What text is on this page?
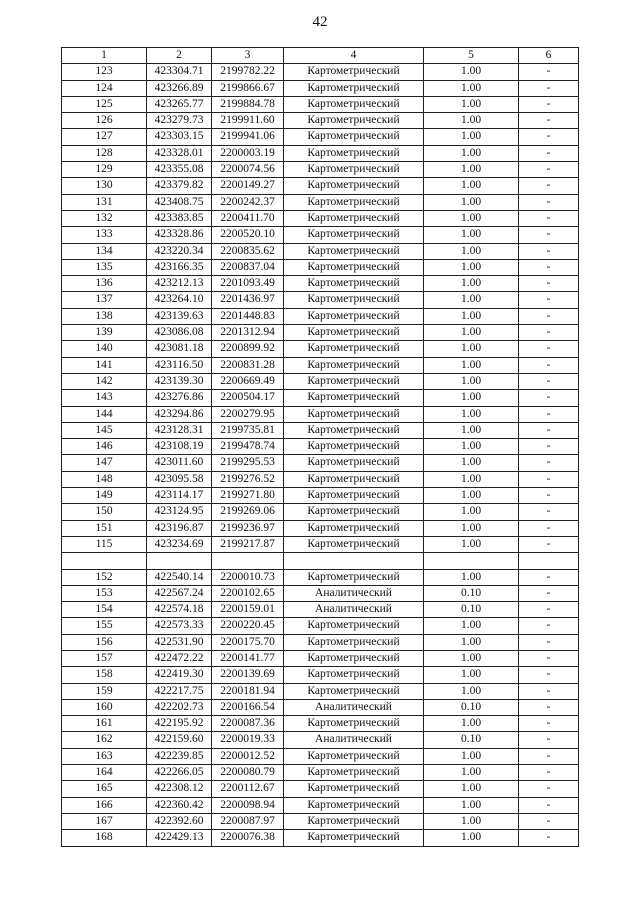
42
1	2	3	4	5	6
123	423304.71	2199782.22	Картометрический	1.00	-
124	423266.89	2199866.67	Картометрический	1.00	-
125	423265.77	2199884.78	Картометрический	1.00	-
126	423279.73	2199911.60	Картометрический	1.00	-
127	423303.15	2199941.06	Картометрический	1.00	-
128	423328.01	2200003.19	Картометрический	1.00	-
129	423355.08	2200074.56	Картометрический	1.00	-
130	423379.82	2200149.27	Картометрический	1.00	-
131	423408.75	2200242.37	Картометрический	1.00	-
132	423383.85	2200411.70	Картометрический	1.00	-
133	423328.86	2200520.10	Картометрический	1.00	-
134	423220.34	2200835.62	Картометрический	1.00	-
135	423166.35	2200837.04	Картометрический	1.00	-
136	423212.13	2201093.49	Картометрический	1.00	-
137	423264.10	2201436.97	Картометрический	1.00	-
138	423139.63	2201448.83	Картометрический	1.00	-
139	423086.08	2201312.94	Картометрический	1.00	-
140	423081.18	2200899.92	Картометрический	1.00	-
141	423116.50	2200831.28	Картометрический	1.00	-
142	423139.30	2200669.49	Картометрический	1.00	-
143	423276.86	2200504.17	Картометрический	1.00	-
144	423294.86	2200279.95	Картометрический	1.00	-
145	423128.31	2199735.81	Картометрический	1.00	-
146	423108.19	2199478.74	Картометрический	1.00	-
147	423011.60	2199295.53	Картометрический	1.00	-
148	423095.58	2199276.52	Картометрический	1.00	-
149	423114.17	2199271.80	Картометрический	1.00	-
150	423124.95	2199269.06	Картометрический	1.00	-
151	423196.87	2199236.97	Картометрический	1.00	-
115	423234.69	2199217.87	Картометрический	1.00	-

152	422540.14	2200010.73	Картометрический	1.00	-
153	422567.24	2200102.65	Аналитический	0.10	-
154	422574.18	2200159.01	Аналитический	0.10	-
155	422573.33	2200220.45	Картометрический	1.00	-
156	422531.90	2200175.70	Картометрический	1.00	-
157	422472.22	2200141.77	Картометрический	1.00	-
158	422419.30	2200139.69	Картометрический	1.00	-
159	422217.75	2200181.94	Картометрический	1.00	-
160	422202.73	2200166.54	Аналитический	0.10	-
161	422195.92	2200087.36	Картометрический	1.00	-
162	422159.60	2200019.33	Аналитический	0.10	-
163	422239.85	2200012.52	Картометрический	1.00	-
164	422266.05	2200080.79	Картометрический	1.00	-
165	422308.12	2200112.67	Картометрический	1.00	-
166	422360.42	2200098.94	Картометрический	1.00	-
167	422392.60	2200087.97	Картометрический	1.00	-
168	422429.13	2200076.38	Картометрический	1.00	-
